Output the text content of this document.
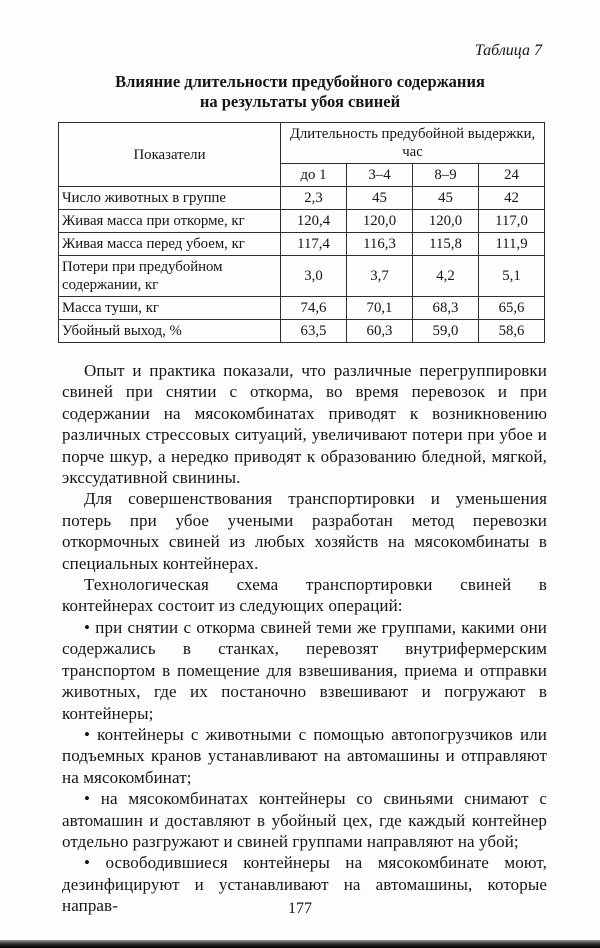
Таблица 7
Влияние длительности предубойного содержания
на результаты убоя свиней
Показатели	Длительность предубойной выдержки, час			
	до 1	3–4	8–9	24
Число животных в группе	2,3	45	45	42
Живая масса при откорме, кг	120,4	120,0	120,0	117,0
Живая масса перед убоем, кг	117,4	116,3	115,8	111,9
Потери при предубойном содержании, кг	3,0	3,7	4,2	5,1
Масса туши, кг	74,6	70,1	68,3	65,6
Убойный выход, %	63,5	60,3	59,0	58,6

Опыт и практика показали, что различные перегруппировки свиней при снятии с откорма, во время перевозок и при содержании на мясокомбинатах приводят к возникновению различных стрессовых ситуаций, увеличивают потери при убое и порче шкур, а нередко приводят к образованию бледной, мягкой, экссудативной свинины.

Для совершенствования транспортировки и уменьшения потерь при убое учеными разработан метод перевозки откормочных свиней из любых хозяйств на мясокомбинаты в специальных контейнерах.

Технологическая схема транспортировки свиней в контейнерах состоит из следующих операций:

• при снятии с откорма свиней теми же группами, какими они содержались в станках, перевозят внутрифермерским транспортом в помещение для взвешивания, приема и отправки животных, где их постаночно взвешивают и погружают в контейнеры;

• контейнеры с животными с помощью автопогрузчиков или подъемных кранов устанавливают на автомашины и отправляют на мясокомбинат;

• на мясокомбинатах контейнеры со свиньями снимают с автомашин и доставляют в убойный цех, где каждый контейнер отдельно разгружают и свиней группами направляют на убой;

• освободившиеся контейнеры на мясокомбинате моют, дезинфицируют и устанавливают на автомашины, которые направ-	177
